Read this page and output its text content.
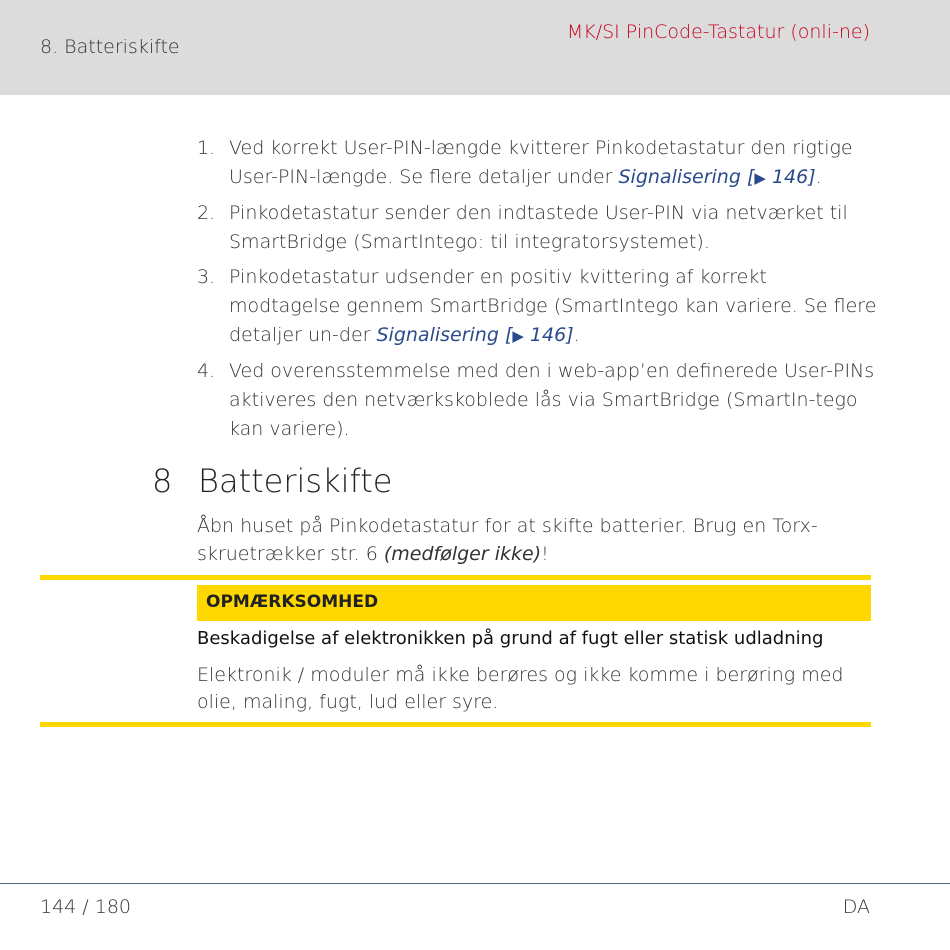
8. Batteriskifte
MK/SI PinCode-Tastatur (onli-ne)
1. Ved korrekt User-PIN-længde kvitterer Pinkodetastatur den rigtige User-PIN-længde. Se flere detaljer under Signalisering [▶ 146].
2. Pinkodetastatur sender den indtastede User-PIN via netværket til SmartBridge (SmartIntego: til integratorsystemet).
3. Pinkodetastatur udsender en positiv kvittering af korrekt modtagelse gennem SmartBridge (SmartIntego kan variere. Se flere detaljer un-der Signalisering [▶ 146].
4. Ved overensstemmelse med den i web-app’en definerede User-PINs aktiveres den netværkskoblede lås via SmartBridge (SmartIn-tego kan variere).
8 Batteriskifte
Åbn huset på Pinkodetastatur for at skifte batterier. Brug en Torx-skruetrækker str. 6 (medfølger ikke)!
OPMÆRKSOMHED
Beskadigelse af elektronikken på grund af fugt eller statisk udladning
Elektronik / moduler må ikke berøres og ikke komme i berøring med olie, maling, fugt, lud eller syre.
144 / 180	DA
